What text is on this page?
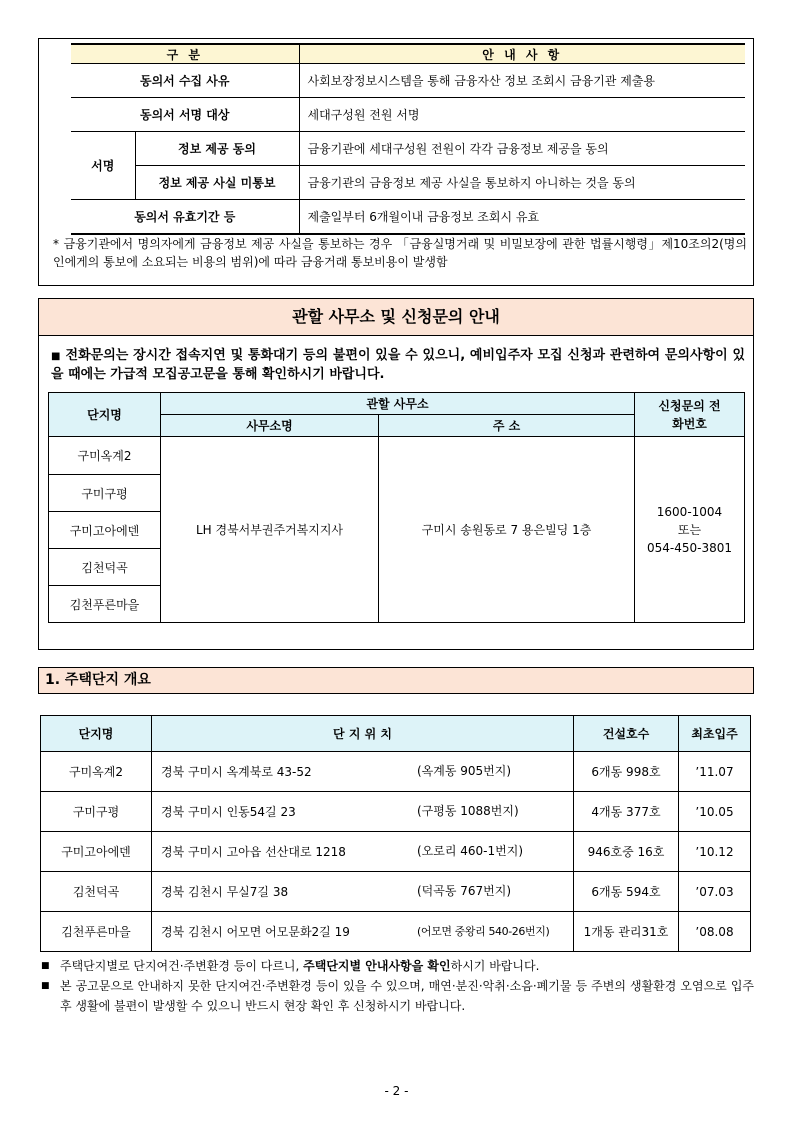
구 분		안 내 사 항
동의서 수집 사유		사회보장정보시스템을 통해 금융자산 정보 조회시 금융기관 제출용
동의서 서명 대상		세대구성원 전원 서명
서명	정보 제공 동의	금융기관에 세대구성원 전원이 각각 금융정보 제공을 동의
	정보 제공 사실 미통보	금융기관의 금융정보 제공 사실을 통보하지 아니하는 것을 동의
동의서 유효기간 등		제출일부터 6개월이내 금융정보 조회시 유효
* 금융기관에서 명의자에게 금융정보 제공 사실을 통보하는 경우 「금융실명거래 및 비밀보장에 관한 법률시행령」제10조의2(명의인에게의 통보에 소요되는 비용의 범위)에 따라 금융거래 통보비용이 발생함
관할 사무소 및 신청문의 안내
■ 전화문의는 장시간 접속지연 및 통화대기 등의 불편이 있을 수 있으니, 예비입주자 모집 신청과 관련하여 문의사항이 있을 때에는 가급적 모집공고문을 통해 확인하시기 바랍니다.
단지명	관할 사무소		신청문의 전화번호
	사무소명	주 소	
구미옥계2	LH 경북서부권주거복지지사	구미시 송원동로 7 용은빌딩 1층	1600-1004
또는
054-450-3801

구미구평			
구미고아에덴			
김천덕곡			
김천푸른마을			
1. 주택단지 개요
단지명	단 지 위 치	건설호수	최초입주
구미옥계2	경북 구미시 옥계북로 43-52 (옥계동 905번지)	6개동 998호	’11.07
구미구평	경북 구미시 인동54길 23 (구평동 1088번지)	4개동 377호	’10.05
구미고아에덴	경북 구미시 고아읍 선산대로 1218 (오로리 460-1번지)	946호중 16호	’10.12
김천덕곡	경북 김천시 무실7길 38 (덕곡동 767번지)	6개동 594호	’07.03
김천푸른마을	경북 김천시 어모면 어모문화2길 19 (어모면 중왕리 540-26번지)	1개동 관리31호	’08.08
■ 주택단지별로 단지여건·주변환경 등이 다르니, 주택단지별 안내사항을 확인하시기 바랍니다.
■ 본 공고문으로 안내하지 못한 단지여건·주변환경 등이 있을 수 있으며, 매연·분진·악취·소음·폐기물 등 주변의 생활환경 오염으로 입주 후 생활에 불편이 발생할 수 있으니 반드시 현장 확인 후 신청하시기 바랍니다.
- 2 -
